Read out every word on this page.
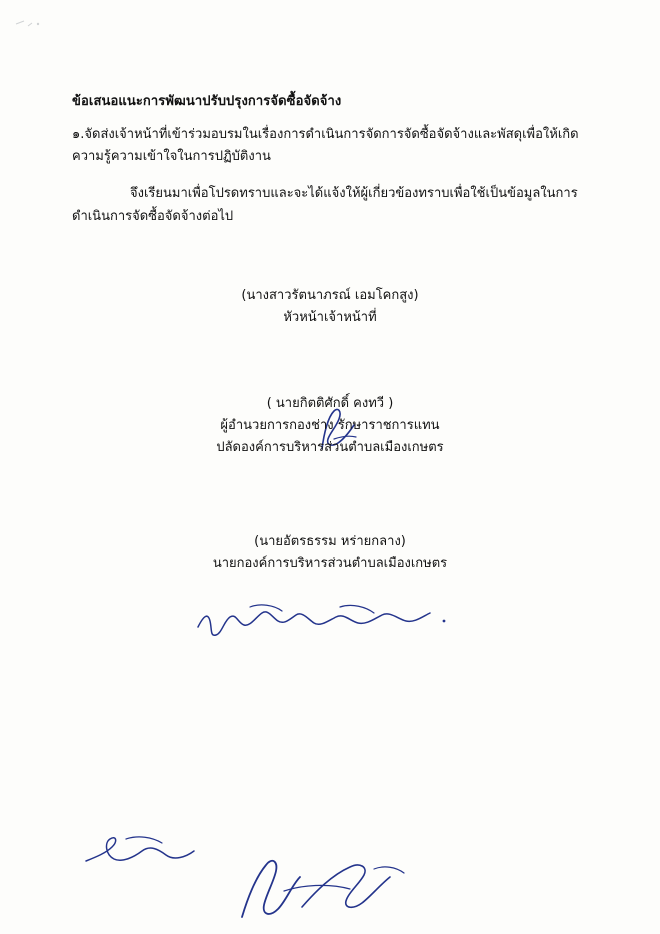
ข้อเสนอแนะการพัฒนาปรับปรุงการจัดซื้อจัดจ้าง
๑.จัดส่งเจ้าหน้าที่เข้าร่วมอบรมในเรื่องการดำเนินการจัดการจัดซื้อจัดจ้างและพัสดุเพื่อให้เกิดความรู้ความเข้าใจในการปฏิบัติงาน
จึงเรียนมาเพื่อโปรดทราบและจะได้แจ้งให้ผู้เกี่ยวข้องทราบเพื่อใช้เป็นข้อมูลในการดำเนินการจัดซื้อจัดจ้างต่อไป
(นางสาวรัตนาภรณ์ เอมโคกสูง)
หัวหน้าเจ้าหน้าที่
( นายกิตติศักดิ์ คงทวี )
ผู้อำนวยการกองช่าง รักษาราชการแทน
ปลัดองค์การบริหารส่วนตำบลเมืองเกษตร
(นายอัตรธรรม หร่ายกลาง)
นายกองค์การบริหารส่วนตำบลเมืองเกษตร
